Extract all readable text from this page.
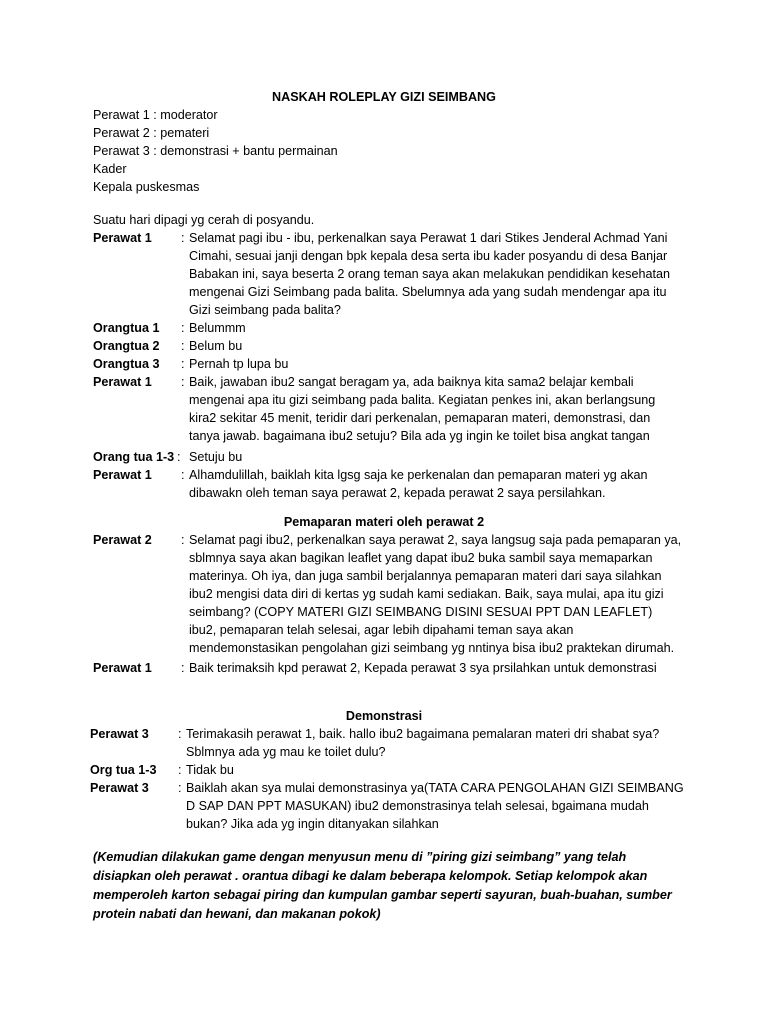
NASKAH ROLEPLAY GIZI SEIMBANG
Perawat 1 : moderator
Perawat 2 : pemateri
Perawat 3 : demonstrasi + bantu permainan
Kader
Kepala puskesmas
Suatu hari dipagi yg cerah di posyandu.
Perawat 1	: Selamat pagi ibu - ibu, perkenalkan saya Perawat 1 dari Stikes Jenderal Achmad Yani Cimahi, sesuai janji dengan bpk kepala desa serta ibu kader posyandu di desa Banjar Babakan ini, saya beserta 2 orang teman saya akan melakukan pendidikan kesehatan mengenai Gizi Seimbang pada balita. Sbelumnya ada yang sudah mendengar apa itu Gizi seimbang pada balita?
Orangtua 1	: Belummm
Orangtua 2	: Belum bu
Orangtua 3	: Pernah tp lupa bu
Perawat 1	: Baik, jawaban ibu2 sangat beragam ya, ada baiknya kita sama2 belajar kembali mengenai apa itu gizi seimbang pada balita. Kegiatan penkes ini, akan berlangsung kira2 sekitar 45 menit, teridir dari perkenalan, pemaparan materi, demonstrasi, dan tanya jawab. bagaimana ibu2 setuju? Bila ada yg ingin ke toilet bisa angkat tangan
Orang tua 1-3 : Setuju bu
Perawat 1	: Alhamdulillah, baiklah kita lgsg saja ke perkenalan dan pemaparan materi yg akan dibawakn oleh teman saya perawat 2, kepada perawat 2 saya persilahkan.
Pemaparan materi oleh perawat 2
Perawat 2	: Selamat pagi ibu2, perkenalkan saya perawat 2, saya langsug saja pada pemaparan ya, sblmnya saya akan bagikan leaflet yang dapat ibu2 buka sambil saya memaparkan materinya. Oh iya, dan juga sambil berjalannya pemaparan materi dari saya silahkan ibu2 mengisi data diri di kertas yg sudah kami sediakan. Baik, saya mulai, apa itu gizi seimbang? (COPY MATERI GIZI SEIMBANG DISINI SESUAI PPT DAN LEAFLET) ibu2, pemaparan telah selesai, agar lebih dipahami teman saya akan mendemonstasikan pengolahan gizi seimbang yg nntinya bisa ibu2 praktekan dirumah.
Perawat 1	: Baik terimaksih kpd perawat 2, Kepada perawat 3 sya prsilahkan untuk demonstrasi
Demonstrasi
Perawat 3	: Terimakasih perawat 1, baik. hallo ibu2 bagaimana pemalaran materi dri shabat sya? Sblmnya ada yg mau ke toilet dulu?
Org tua 1-3	: Tidak bu
Perawat 3	: Baiklah akan sya mulai demonstrasinya ya(TATA CARA PENGOLAHAN GIZI SEIMBANG D SAP DAN PPT MASUKAN) ibu2 demonstrasinya telah selesai, bgaimana mudah bukan? Jika ada yg ingin ditanyakan silahkan
(Kemudian dilakukan game dengan menyusun menu di ”piring gizi seimbang” yang telah disiapkan oleh perawat . orantua dibagi ke dalam beberapa kelompok. Setiap kelompok akan memperoleh karton sebagai piring dan kumpulan gambar seperti sayuran, buah-buahan, sumber protein nabati dan hewani, dan makanan pokok)
